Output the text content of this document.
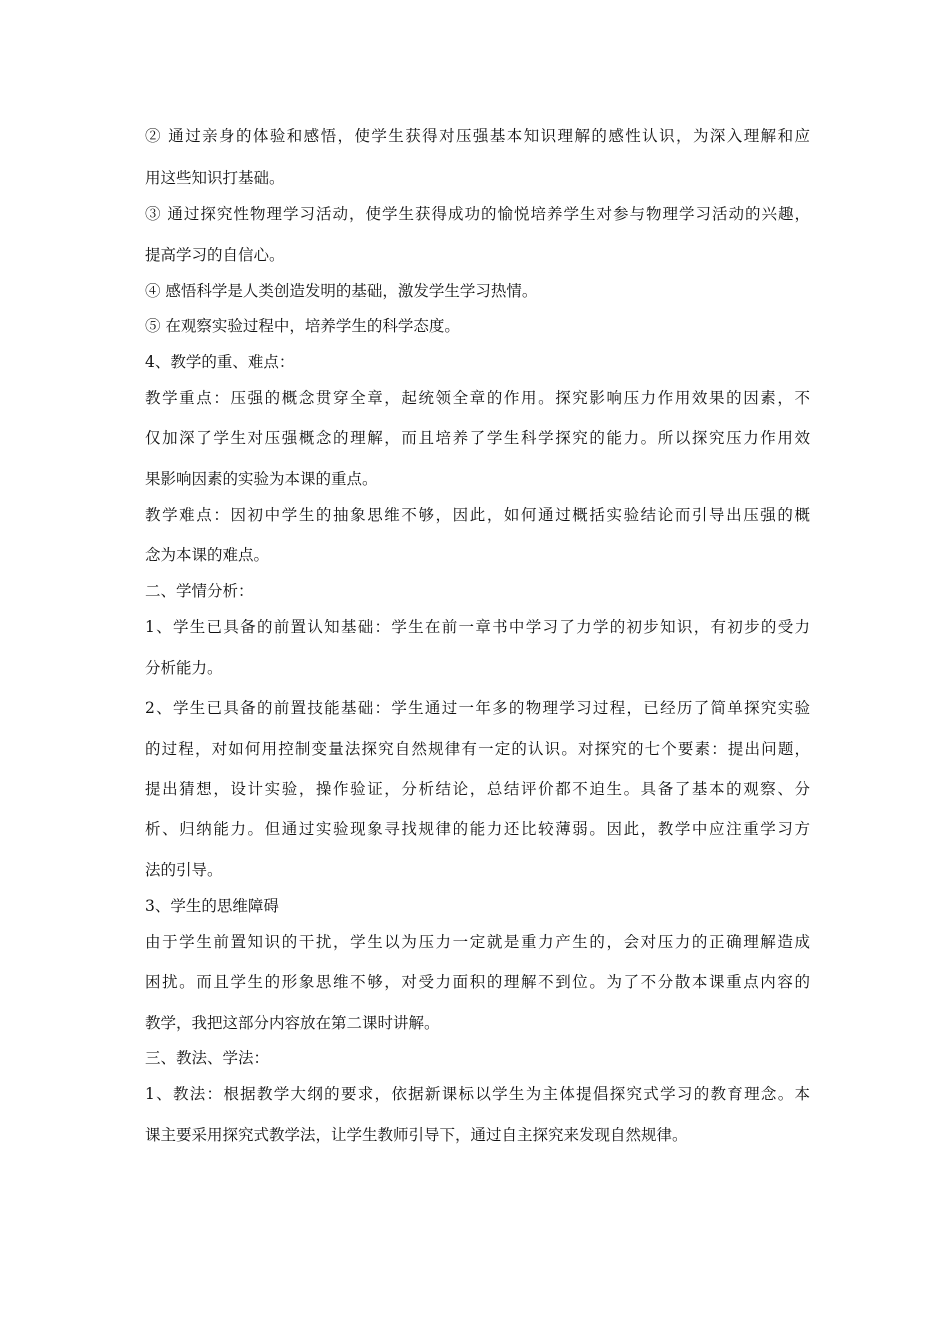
② 通过亲身的体验和感悟，使学生获得对压强基本知识理解的感性认识，为深入理解和应
用这些知识打基础。
③ 通过探究性物理学习活动，使学生获得成功的愉悦培养学生对参与物理学习活动的兴趣，
提高学习的自信心。
④ 感悟科学是人类创造发明的基础，激发学生学习热情。
⑤ 在观察实验过程中，培养学生的科学态度。
4、教学的重、难点：
教学重点：压强的概念贯穿全章，起统领全章的作用。探究影响压力作用效果的因素，不
仅加深了学生对压强概念的理解，而且培养了学生科学探究的能力。所以探究压力作用效
果影响因素的实验为本课的重点。
教学难点：因初中学生的抽象思维不够，因此，如何通过概括实验结论而引导出压强的概
念为本课的难点。
二、学情分析：
1、学生已具备的前置认知基础：学生在前一章书中学习了力学的初步知识，有初步的受力
分析能力。
2、学生已具备的前置技能基础：学生通过一年多的物理学习过程，已经历了简单探究实验
的过程，对如何用控制变量法探究自然规律有一定的认识。对探究的七个要素：提出问题，
提出猜想，设计实验，操作验证，分析结论，总结评价都不迫生。具备了基本的观察、分
析、归纳能力。但通过实验现象寻找规律的能力还比较薄弱。因此，教学中应注重学习方
法的引导。
3、学生的思维障碍
由于学生前置知识的干扰，学生以为压力一定就是重力产生的，会对压力的正确理解造成
困扰。而且学生的形象思维不够，对受力面积的理解不到位。为了不分散本课重点内容的
教学，我把这部分内容放在第二课时讲解。
三、教法、学法：
1、教法：根据教学大纲的要求，依据新课标以学生为主体提倡探究式学习的教育理念。本
课主要采用探究式教学法，让学生教师引导下，通过自主探究来发现自然规律。
